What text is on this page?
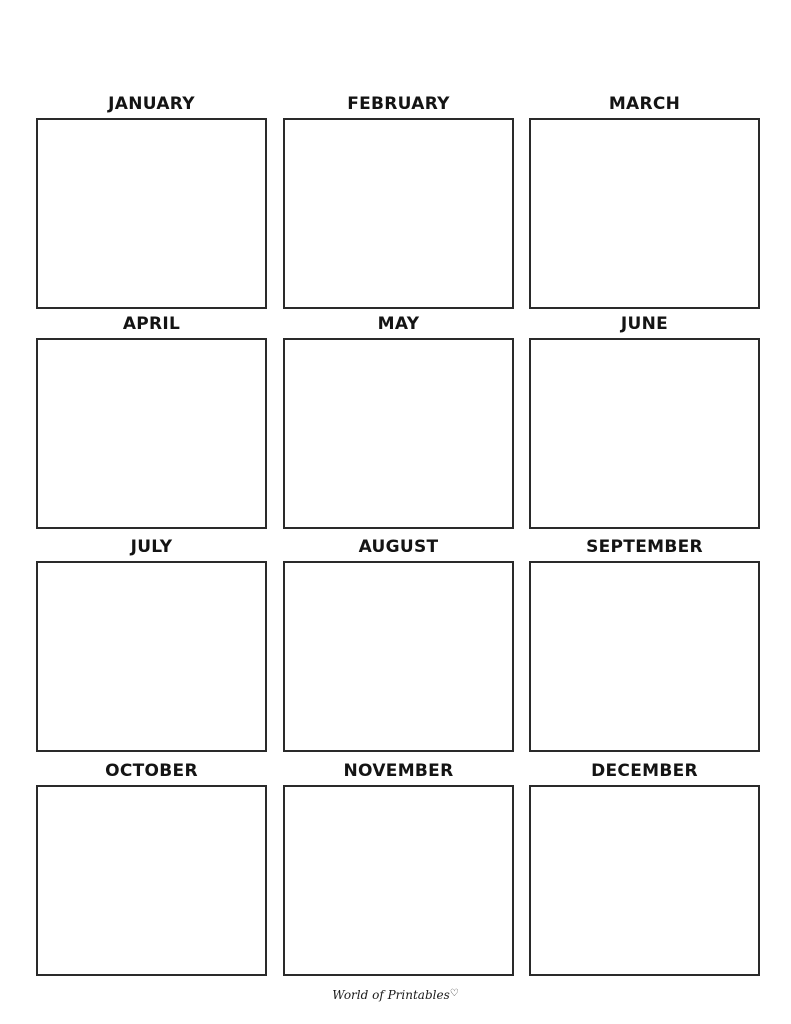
JANUARY	FEBRUARY	MARCH
APRIL	MAY	JUNE
JULY	AUGUST	SEPTEMBER
OCTOBER	NOVEMBER	DECEMBER
World of Printables♡
